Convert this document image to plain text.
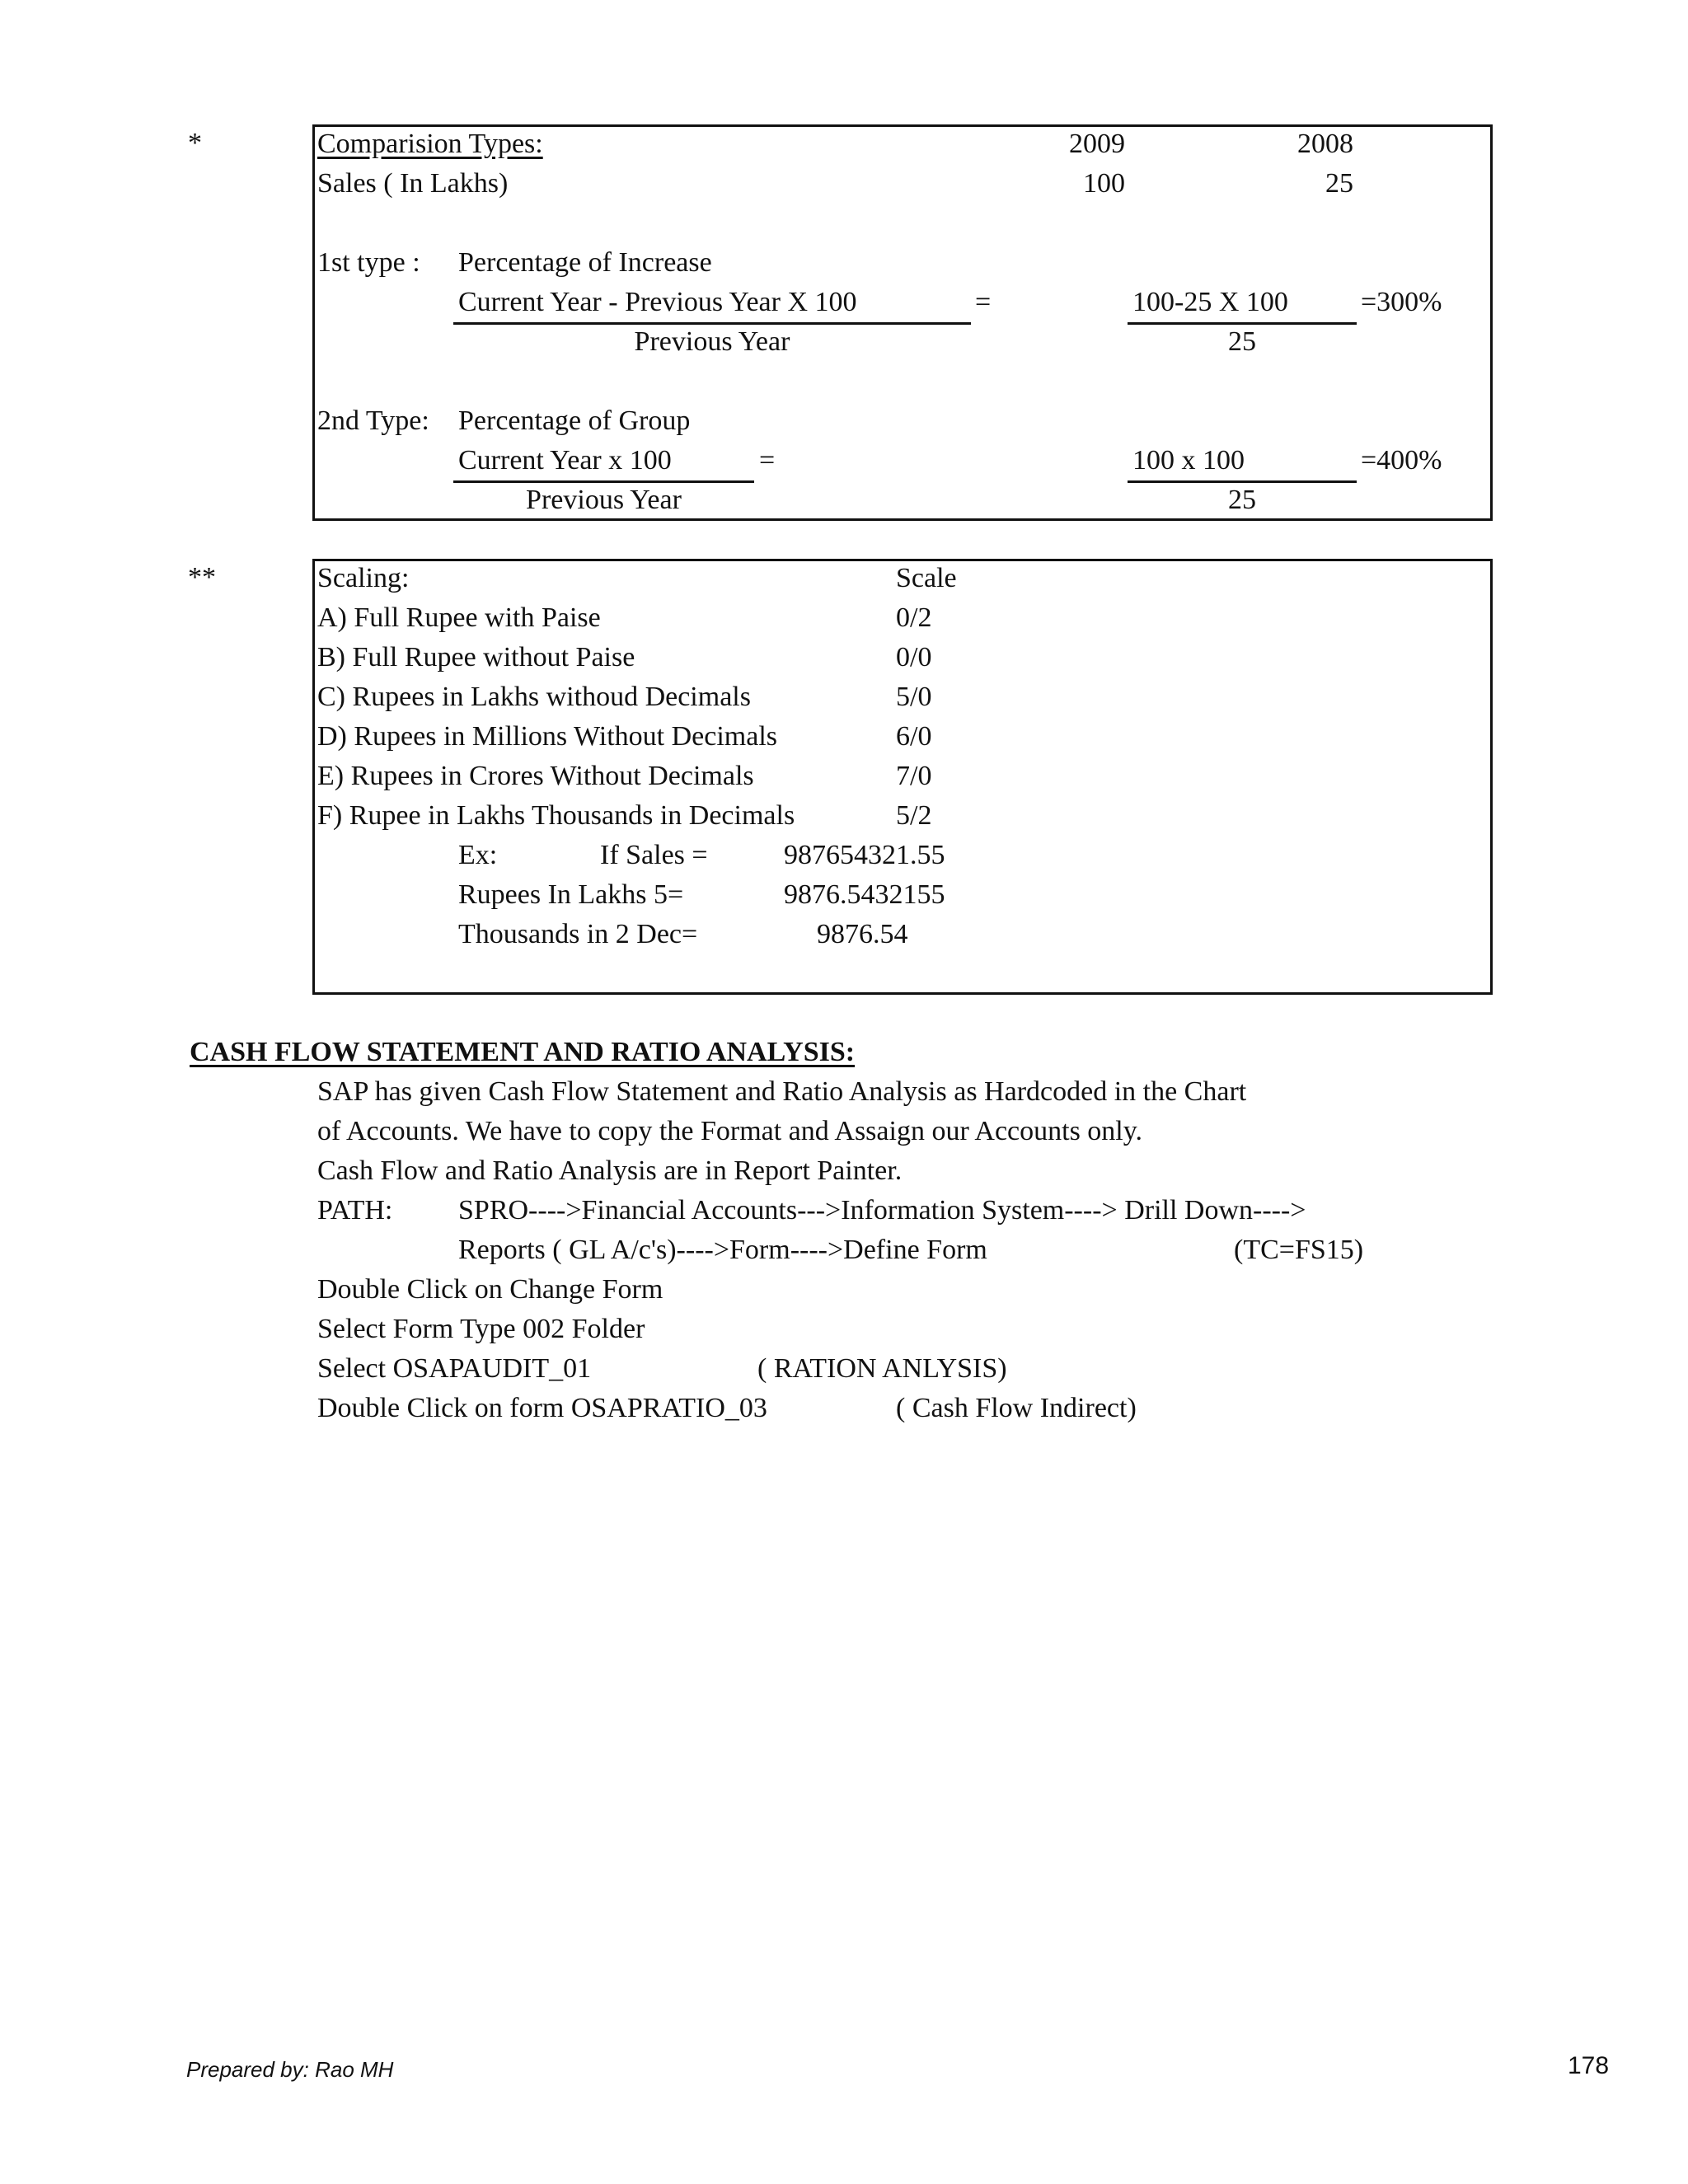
*	Comparision Types:	2009	2008
Sales ( In Lakhs)	100	25
1st type : Percentage of Increase
Current Year - Previous Year X 100	=	100-25 X 100	=300%
Previous Year	25
2nd Type: Percentage of Group
Current Year x 100	=	100 x 100	=400%
Previous Year	25
**	Scaling:	Scale
A) Full Rupee with Paise	0/2
B) Full Rupee without Paise	0/0
C) Rupees in Lakhs withoud Decimals	5/0
D) Rupees in Millions Without Decimals	6/0
E) Rupees in Crores Without Decimals	7/0
F) Rupee in Lakhs Thousands in Decimals	5/2
Ex:	If Sales =	987654321.55
Rupees In Lakhs 5=	9876.5432155
Thousands in 2 Dec=	9876.54
CASH FLOW STATEMENT AND RATIO ANALYSIS:
SAP has given Cash Flow Statement and Ratio Analysis as Hardcoded in the Chart
of Accounts. We have to copy the Format and Assaign our Accounts only.
Cash Flow and Ratio Analysis are in Report Painter.
PATH: SPRO---->Financial Accounts--->Information System----> Drill Down---->
Reports ( GL A/c's)---->Form---->Define Form	(TC=FS15)
Double Click on Change Form
Select Form Type 002 Folder
Select OSAPAUDIT_01	( RATION ANLYSIS)
Double Click on form OSAPRATIO_03	( Cash Flow Indirect)
Prepared by: Rao MH	178
